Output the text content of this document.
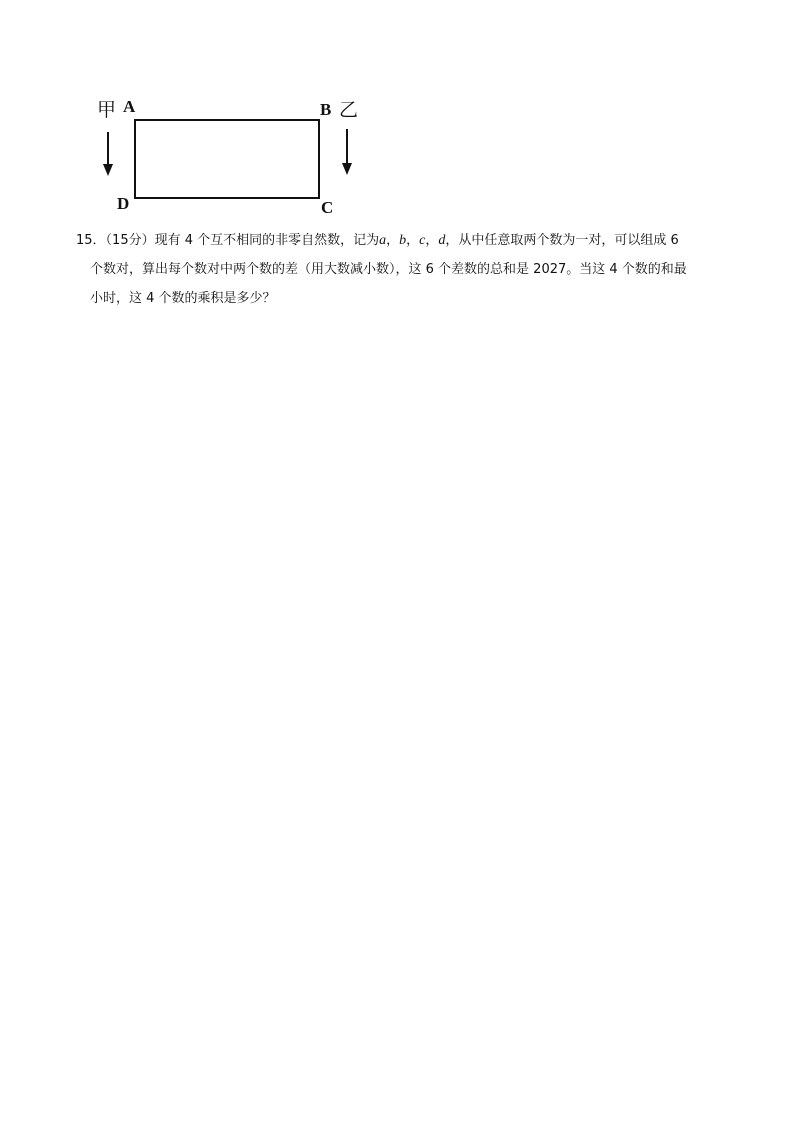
甲 A	B 乙
D	C
15．（15分）现有 4 个互不相同的非零自然数，记为a，b，c，d，从中任意取两个数为一对，可以组成 6
个数对，算出每个数对中两个数的差（用大数减小数），这 6 个差数的总和是 2027。当这 4 个数的和最
小时，这 4 个数的乘积是多少？
